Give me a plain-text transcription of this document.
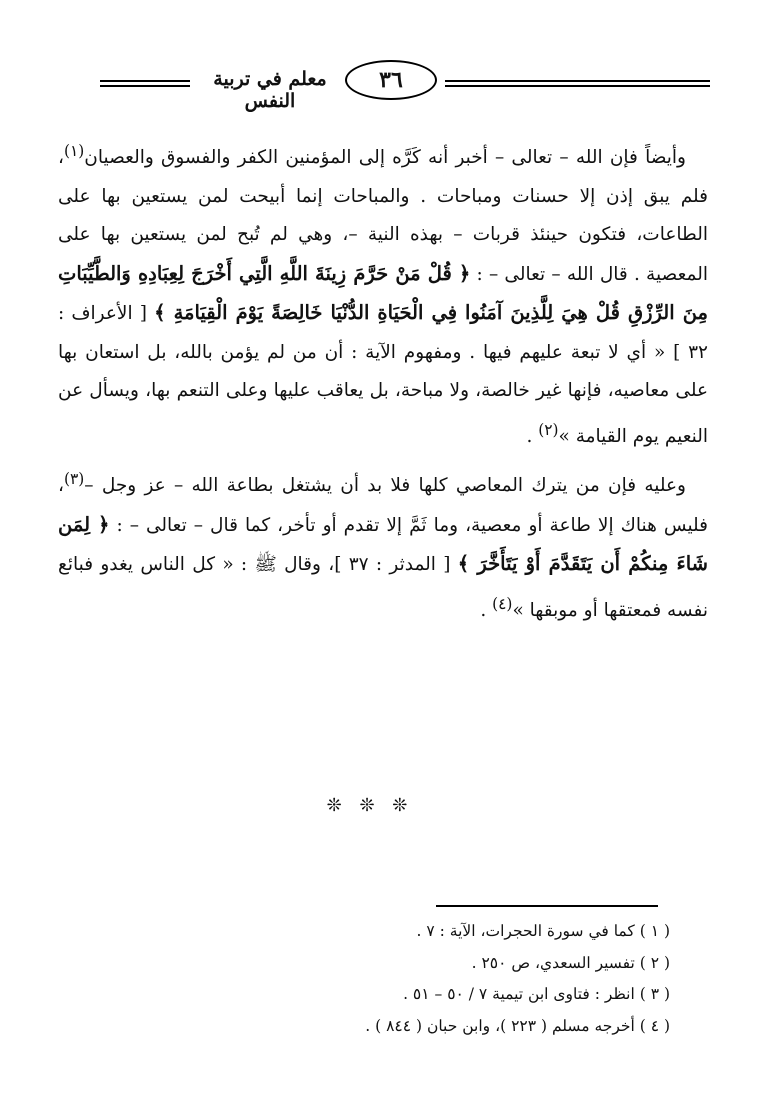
معلم في تربية النفس
٣٦

وأيضاً فإن الله – تعالى – أخبر أنه كَرَّه إلى المؤمنين الكفر والفسوق والعصيان$^{(١)}$، فلم يبق إذن إلا حسنات ومباحات . والمباحات إنما أبيحت لمن يستعين بها على الطاعات، فتكون حينئذ قربات – بهذه النية –، وهي لم تُبح لمن يستعين بها على المعصية . قال الله – تعالى – : ﴿ قُلْ مَنْ حَرَّمَ زِينَةَ اللَّهِ الَّتِي أَخْرَجَ لِعِبَادِهِ وَالطَّيِّبَاتِ مِنَ الرِّزْقِ قُلْ هِيَ لِلَّذِينَ آمَنُوا فِي الْحَيَاةِ الدُّنْيَا خَالِصَةً يَوْمَ الْقِيَامَةِ ﴾ [ الأعراف : ٣٢ ] « أي لا تبعة عليهم فيها . ومفهوم الآية : أن من لم يؤمن بالله، بل استعان بها على معاصيه، فإنها غير خالصة، ولا مباحة، بل يعاقب عليها وعلى التنعم بها، ويسأل عن النعيم يوم القيامة »$^{(٢)}$ .

وعليه فإن من يترك المعاصي كلها فلا بد أن يشتغل بطاعة الله – عز وجل –$^{(٣)}$، فليس هناك إلا طاعة أو معصية، وما ثَمَّ إلا تقدم أو تأخر، كما قال – تعالى – : ﴿ لِمَن شَاءَ مِنكُمْ أَن يَتَقَدَّمَ أَوْ يَتَأَخَّرَ ﴾ [ المدثر : ٣٧ ]، وقال ﷺ : « كل الناس يغدو فبائع نفسه فمعتقها أو موبقها »$^{(٤)}$ .

❊ ❊ ❊
( ١ ) كما في سورة الحجرات، الآية : ٧ .
( ٢ ) تفسير السعدي، ص ٢٥٠ .
( ٣ ) انظر : فتاوى ابن تيمية ٧ / ٥٠ – ٥١ .
( ٤ ) أخرجه مسلم ( ٢٢٣ )، وابن حبان ( ٨٤٤ ) .
